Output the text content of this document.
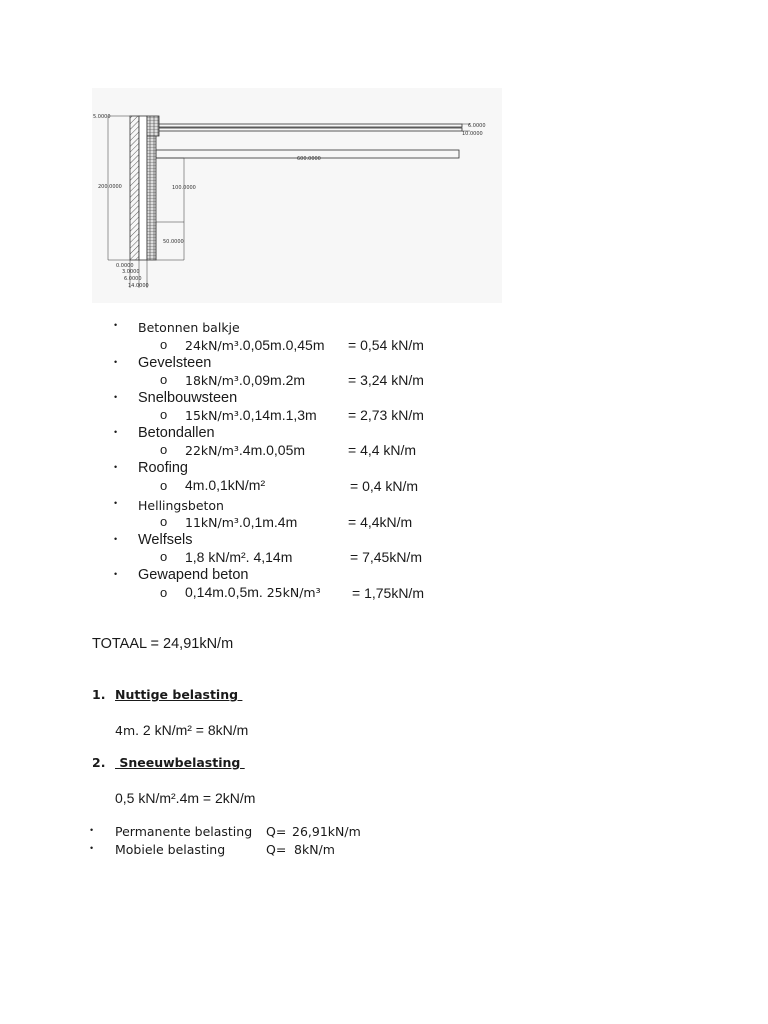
5.0000
200.0000	100.0000
50.0000
600.0000
6.0000
10.0000
0.0000
3.0000
6.0000
14.0000
• Betonnen balkje
o 24kN/m³.0,05m.0,45m = 0,54 kN/m
• Gevelsteen
o 18kN/m³.0,09m.2m	= 3,24 kN/m
• Snelbouwsteen
o 15kN/m³.0,14m.1,3m = 2,73 kN/m
• Betondallen
o 22kN/m³.4m.0,05m	= 4,4 kN/m
• Roofing
o 4m.0,1kN/m²	= 0,4 kN/m
• Hellingsbeton
o 11kN/m³.0,1m.4m	= 4,4kN/m
• Welfsels
o 1,8 kN/m². 4,14m	= 7,45kN/m
• Gewapend beton
o 0,14m.0,5m. 25kN/m³ = 1,75kN/m
TOTAAL = 24,91kN/m
1. Nuttige belasting
4m. 2 kN/m² = 8kN/m
2. Sneeuwbelasting
0,5 kN/m².4m = 2kN/m
• Permanente belasting Q= 26,91kN/m
• Mobiele belasting	Q= 8kN/m
